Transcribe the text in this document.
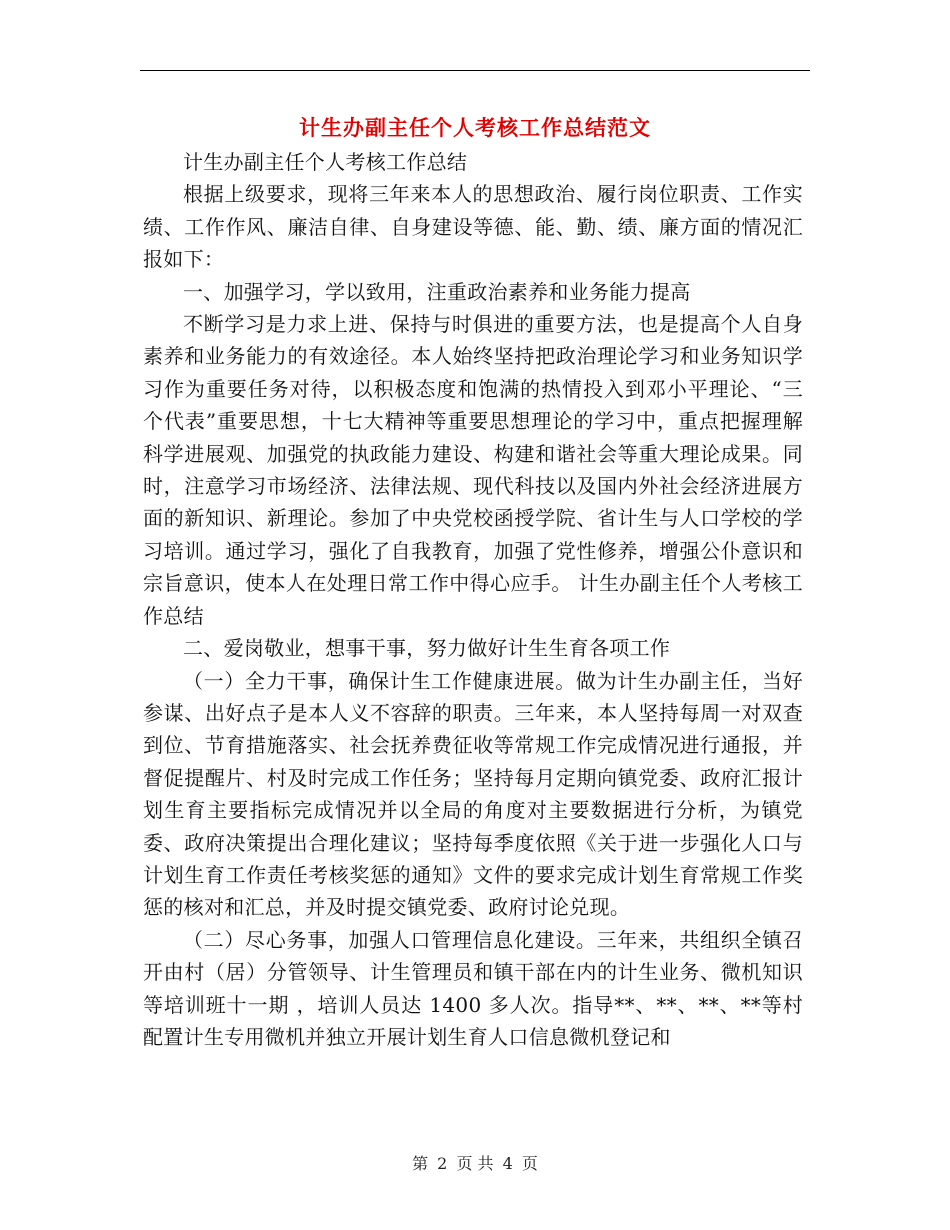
计生办副主任个人考核工作总结范文

计生办副主任个人考核工作总结

根据上级要求，现将三年来本人的思想政治、履行岗位职责、工作实绩、工作作风、廉洁自律、自身建设等德、能、勤、绩、廉方面的情况汇报如下：

一、加强学习，学以致用，注重政治素养和业务能力提高

不断学习是力求上进、保持与时俱进的重要方法，也是提高个人自身素养和业务能力的有效途径。本人始终坚持把政治理论学习和业务知识学习作为重要任务对待，以积极态度和饱满的热情投入到邓小平理论、“三个代表”重要思想，十七大精神等重要思想理论的学习中，重点把握理解科学进展观、加强党的执政能力建设、构建和谐社会等重大理论成果。同时，注意学习市场经济、法律法规、现代科技以及国内外社会经济进展方面的新知识、新理论。参加了中央党校函授学院、省计生与人口学校的学习培训。通过学习，强化了自我教育，加强了党性修养，增强公仆意识和宗旨意识，使本人在处理日常工作中得心应手。 计生办副主任个人考核工作总结

二、爱岗敬业，想事干事，努力做好计生生育各项工作

（一）全力干事，确保计生工作健康进展。做为计生办副主任，当好参谋、出好点子是本人义不容辞的职责。三年来，本人坚持每周一对双查到位、节育措施落实、社会抚养费征收等常规工作完成情况进行通报，并督促提醒片、村及时完成工作任务；坚持每月定期向镇党委、政府汇报计划生育主要指标完成情况并以全局的角度对主要数据进行分析，为镇党委、政府决策提出合理化建议；坚持每季度依照《关于进一步强化人口与计划生育工作责任考核奖惩的通知》文件的要求完成计划生育常规工作奖惩的核对和汇总，并及时提交镇党委、政府讨论兑现。

（二）尽心务事，加强人口管理信息化建设。三年来，共组织全镇召开由村（居）分管领导、计生管理员和镇干部在内的计生业务、微机知识等培训班十一期 ，培训人员达 1400 多人次。指导**、**、**、**等村配置计生专用微机并独立开展计划生育人口信息微机登记和

第 2 页 共 4 页
